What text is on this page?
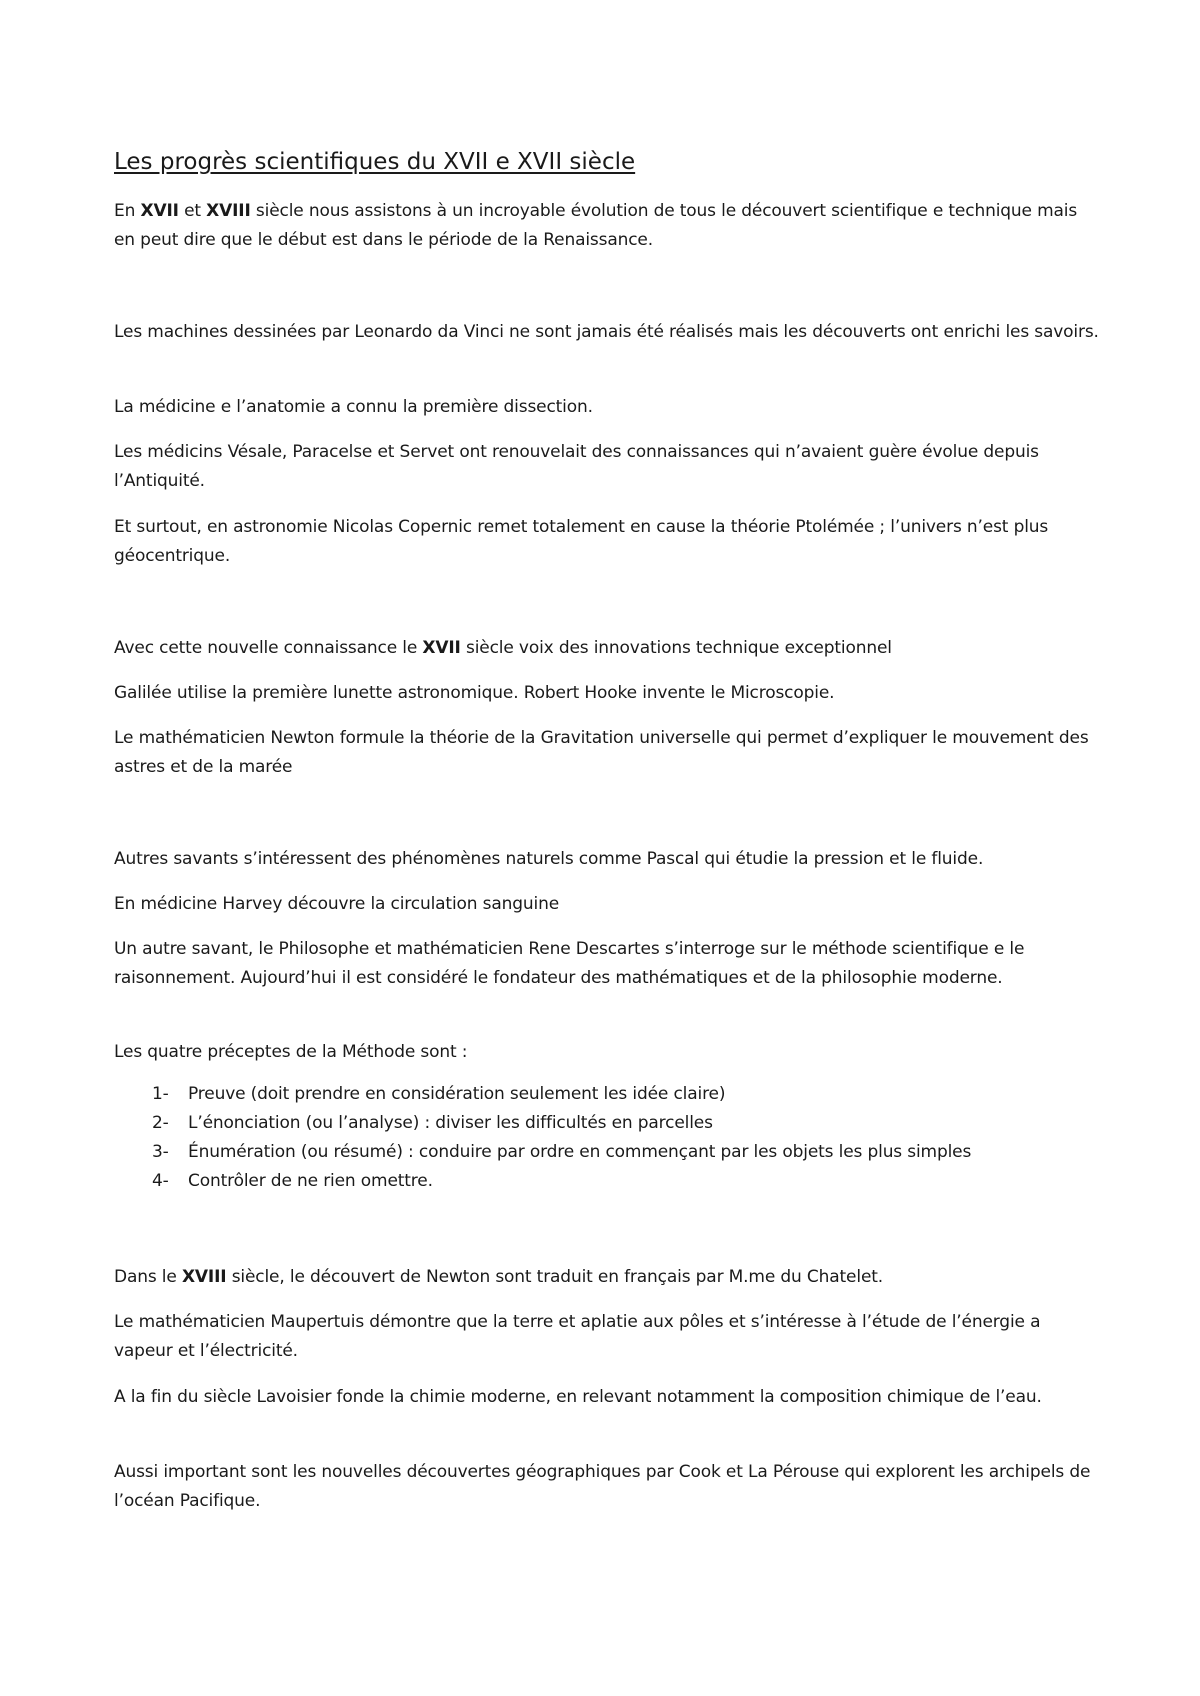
Les progrès scientifiques du XVII e XVII siècle

En XVII et XVIII siècle nous assistons à un incroyable évolution de tous le découvert scientifique e technique mais en peut dire que le début est dans le période de la Renaissance.

Les machines dessinées par Leonardo da Vinci ne sont jamais été réalisés mais les découverts ont enrichi les savoirs.

La médicine e l’anatomie a connu la première dissection.

Les médicins Vésale, Paracelse et Servet ont renouvelait des connaissances qui n’avaient guère évolue depuis l’Antiquité.

Et surtout, en astronomie Nicolas Copernic remet totalement en cause la théorie Ptolémée ; l’univers n’est plus géocentrique.

Avec cette nouvelle connaissance le XVII siècle voix des innovations technique exceptionnel

Galilée utilise la première lunette astronomique. Robert Hooke invente le Microscopie.

Le mathématicien Newton formule la théorie de la Gravitation universelle qui permet d’expliquer le mouvement des astres et de la marée

Autres savants s’intéressent des phénomènes naturels comme Pascal qui étudie la pression et le fluide.

En médicine Harvey découvre la circulation sanguine

Un autre savant, le Philosophe et mathématicien Rene Descartes s’interroge sur le méthode scientifique e le raisonnement. Aujourd’hui il est considéré le fondateur des mathématiques et de la philosophie moderne.

Les quatre préceptes de la Méthode sont :

1- Preuve (doit prendre en considération seulement les idée claire)
2- L’énonciation (ou l’analyse) : diviser les difficultés en parcelles
3- Énumération (ou résumé) : conduire par ordre en commençant par les objets les plus simples
4- Contrôler de ne rien omettre.

Dans le XVIII siècle, le découvert de Newton sont traduit en français par M.me du Chatelet.

Le mathématicien Maupertuis démontre que la terre et aplatie aux pôles et s’intéresse à l’étude de l’énergie a vapeur et l’électricité.

A la fin du siècle Lavoisier fonde la chimie moderne, en relevant notamment la composition chimique de l’eau.

Aussi important sont les nouvelles découvertes géographiques par Cook et La Pérouse qui explorent les archipels de l’océan Pacifique.
